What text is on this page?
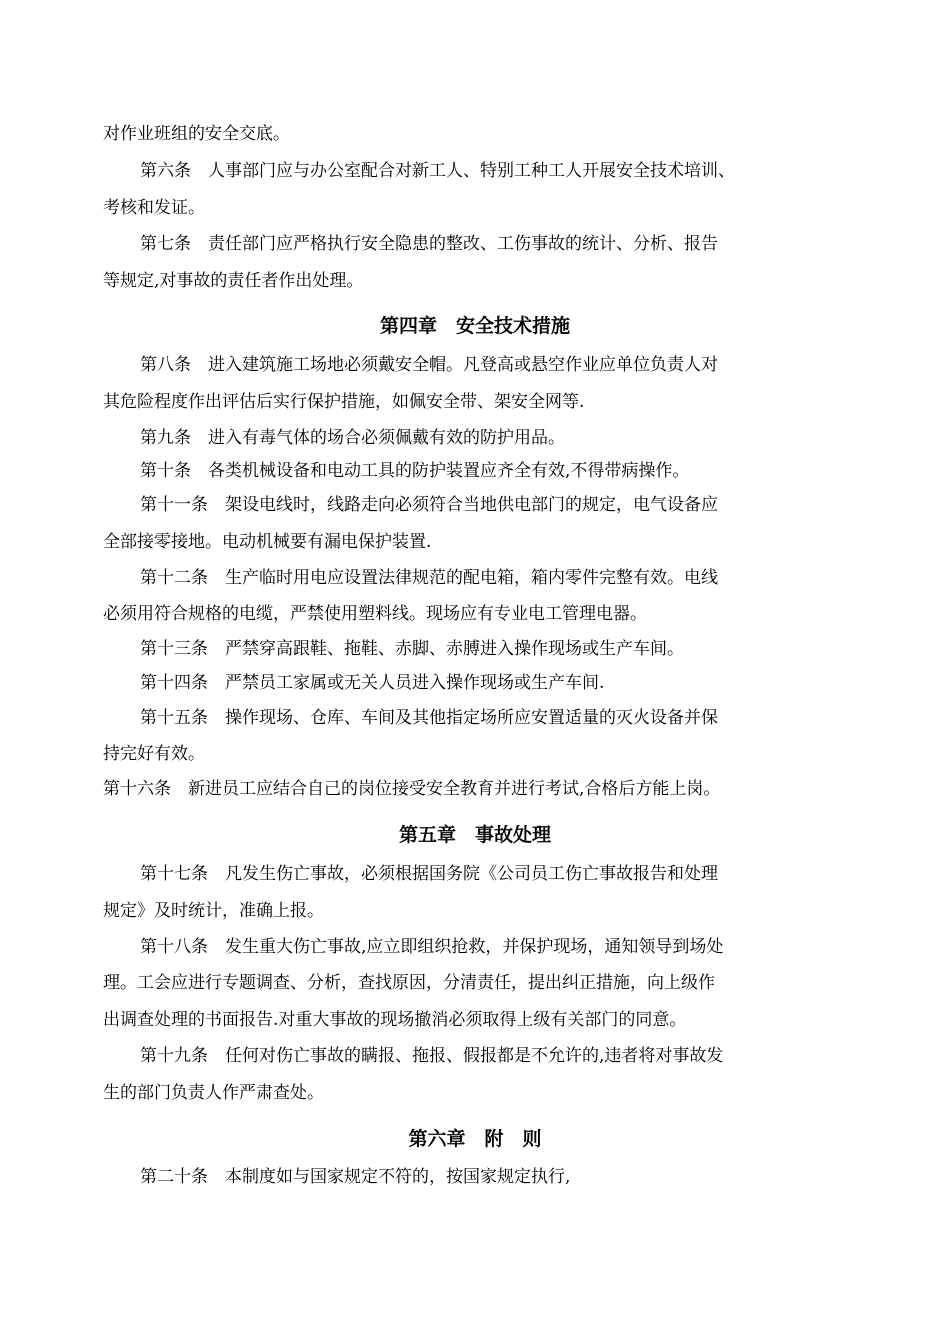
对作业班组的安全交底。
第六条　人事部门应与办公室配合对新工人、特别工种工人开展安全技术培训、
考核和发证。
第七条　责任部门应严格执行安全隐患的整改、工伤事故的统计、分析、报告
等规定,对事故的责任者作出处理。
第四章　安全技术措施
第八条　进入建筑施工场地必须戴安全帽。凡登高或悬空作业应单位负责人对
其危险程度作出评估后实行保护措施，如佩安全带、架安全网等.
第九条　进入有毒气体的场合必须佩戴有效的防护用品。
第十条　各类机械设备和电动工具的防护装置应齐全有效,不得带病操作。
第十一条　架设电线时，线路走向必须符合当地供电部门的规定，电气设备应
全部接零接地。电动机械要有漏电保护装置.
第十二条　生产临时用电应设置法律规范的配电箱，箱内零件完整有效。电线
必须用符合规格的电缆，严禁使用塑料线。现场应有专业电工管理电器。
第十三条　严禁穿高跟鞋、拖鞋、赤脚、赤膊进入操作现场或生产车间。
第十四条　严禁员工家属或无关人员进入操作现场或生产车间.
第十五条　操作现场、仓库、车间及其他指定场所应安置适量的灭火设备并保
持完好有效。
第十六条　新进员工应结合自己的岗位接受安全教育并进行考试,合格后方能上岗。
第五章　事故处理
第十七条　凡发生伤亡事故，必须根据国务院《公司员工伤亡事故报告和处理
规定》及时统计，准确上报。
第十八条　发生重大伤亡事故,应立即组织抢救，并保护现场，通知领导到场处
理。工会应进行专题调查、分析，查找原因，分清责任，提出纠正措施，向上级作
出调查处理的书面报告.对重大事故的现场撤消必须取得上级有关部门的同意。
第十九条　任何对伤亡事故的瞒报、拖报、假报都是不允许的,违者将对事故发
生的部门负责人作严肃查处。
第六章　附　则
第二十条　本制度如与国家规定不符的，按国家规定执行,
